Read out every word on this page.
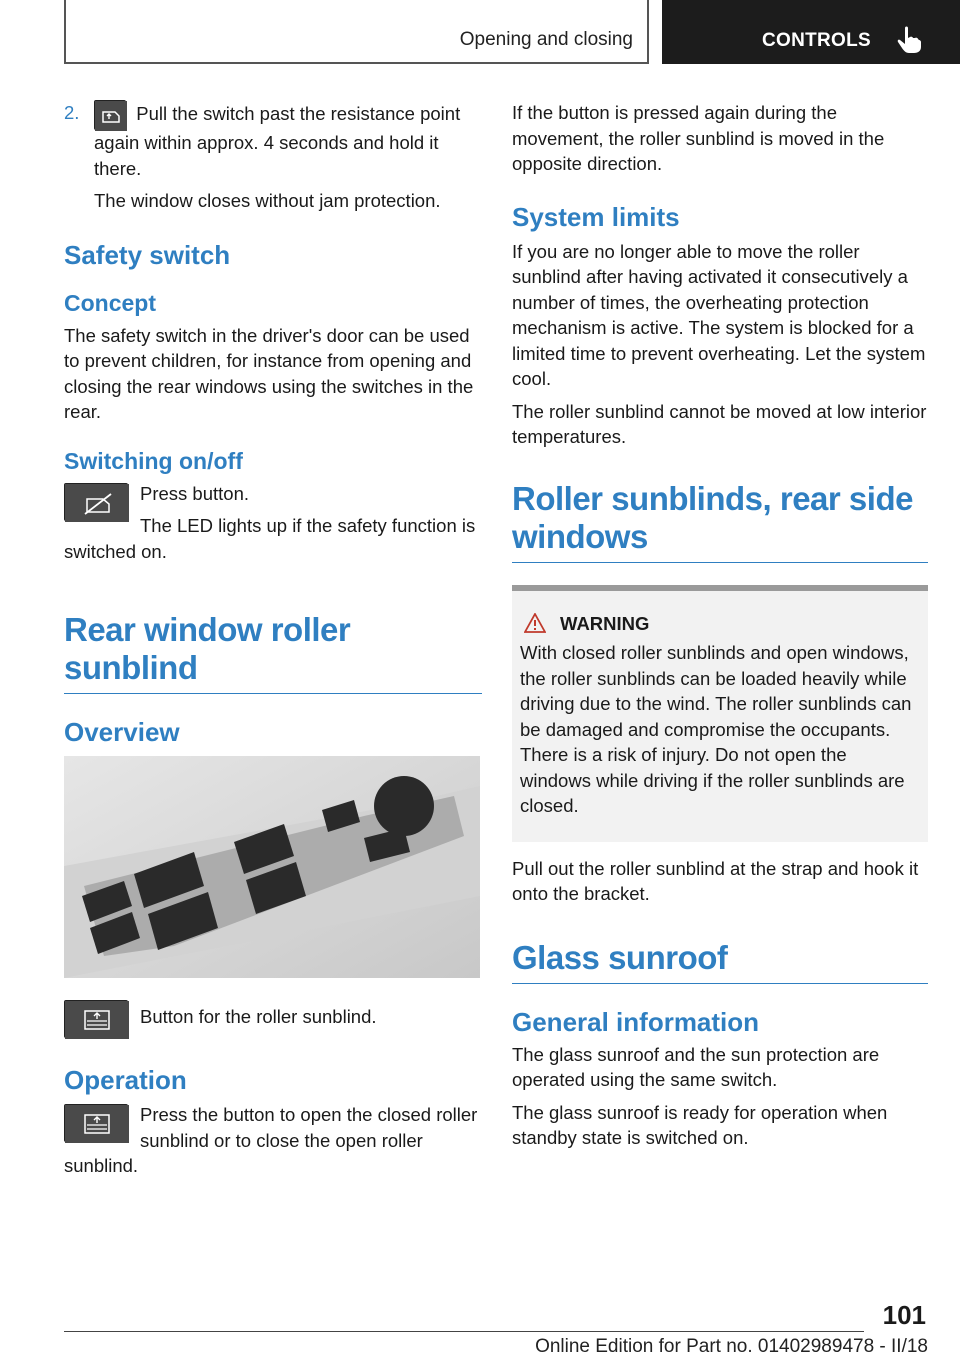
Opening and closing	CONTROLS
2.	Pull the switch past the resistance point again within approx. 4 seconds and hold it there.

The window closes without jam protection.

Safety switch
Concept

The safety switch in the driver's door can be used to prevent children, for instance from opening and closing the rear windows using the switches in the rear.

Switching on/off

Press button.

The LED lights up if the safety function is switched on.

Rear window roller sunblind
Overview

Button for the roller sunblind.

Operation

Press the button to open the closed roller sunblind or to close the open roller sunblind.

If the button is pressed again during the movement, the roller sunblind is moved in the opposite direction.

System limits

If you are no longer able to move the roller sunblind after having activated it consecutively a number of times, the overheating protection mechanism is active. The system is blocked for a limited time to prevent overheating. Let the system cool.

The roller sunblind cannot be moved at low interior temperatures.

Roller sunblinds, rear side windows
WARNING

With closed roller sunblinds and open windows, the roller sunblinds can be loaded heavily while driving due to the wind. The roller sunblinds can be damaged and compromise the occupants. There is a risk of injury. Do not open the windows while driving if the roller sunblinds are closed.

Pull out the roller sunblind at the strap and hook it onto the bracket.

Glass sunroof
General information

The glass sunroof and the sun protection are operated using the same switch.

The glass sunroof is ready for operation when standby state is switched on.

101
Online Edition for Part no. 01402989478 - II/18
